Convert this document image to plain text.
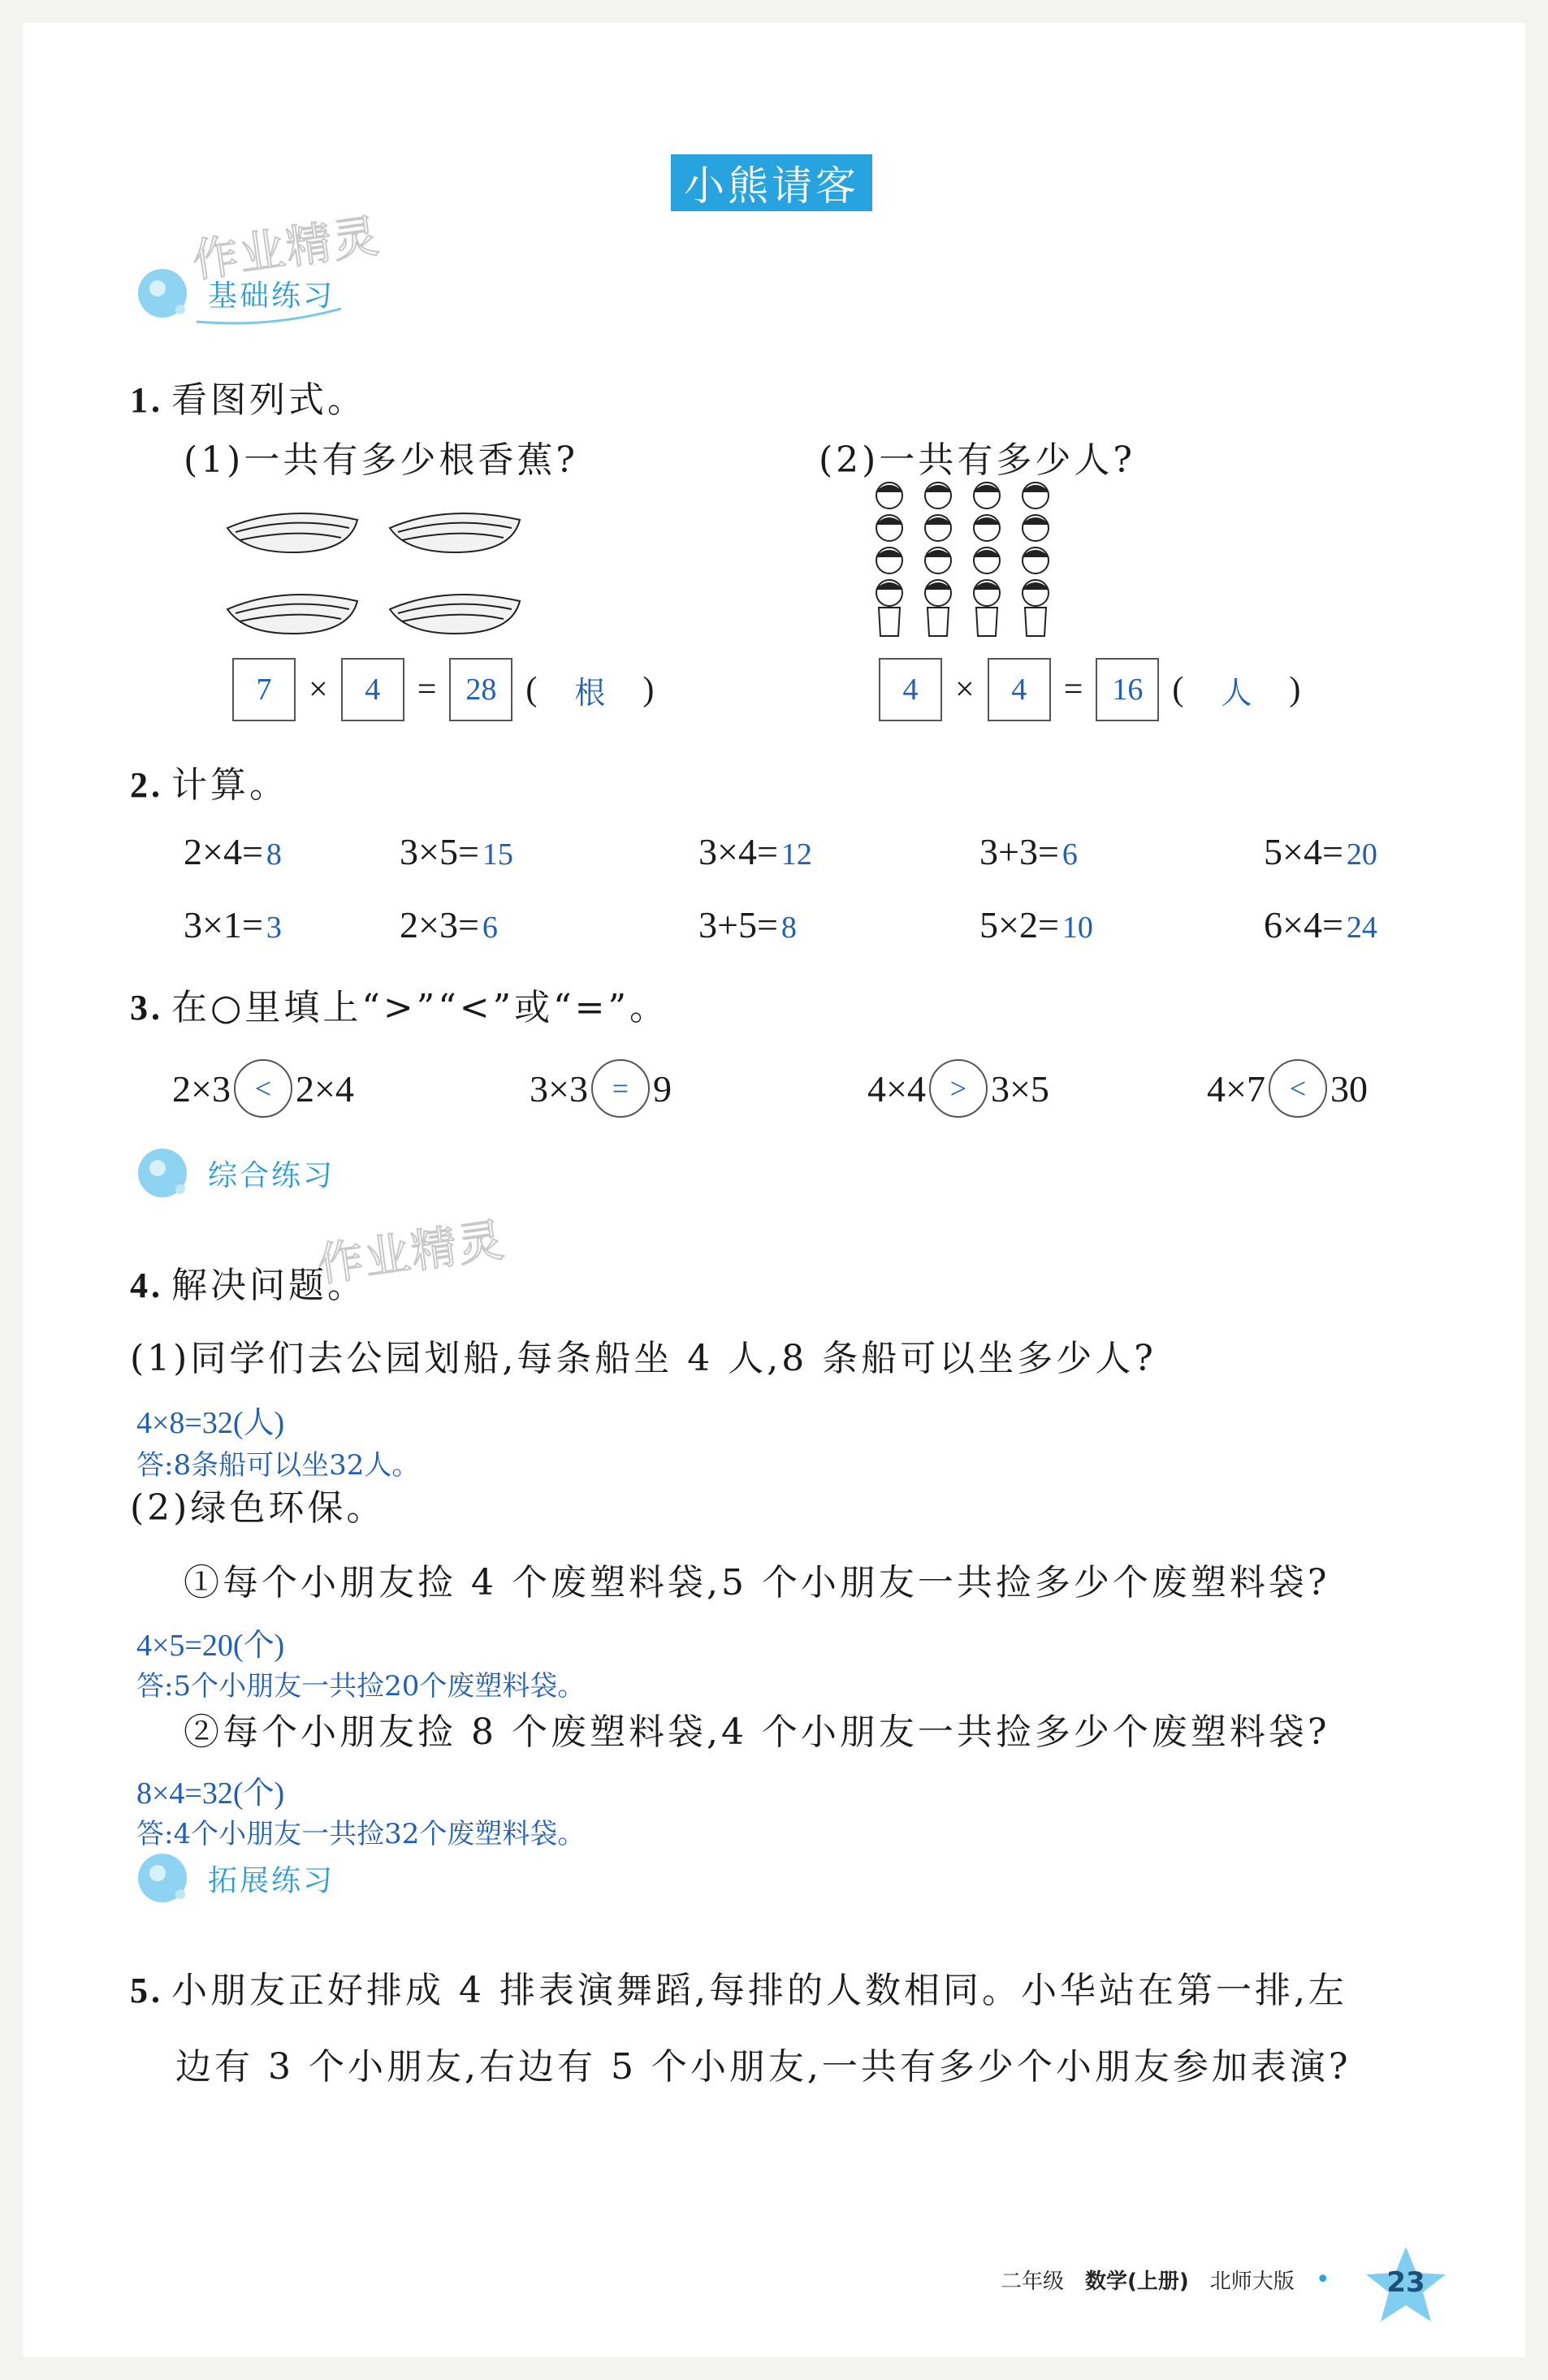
小熊请客
作业精灵
作业精灵
基础练习
1. 看图列式。
(1)一共有多少根香蕉?	(2)一共有多少人?
7	×	4	= 28 ( 根 )	4	×	4	= 16 ( 人 )
2. 计算。
2×4= 8	3×5= 15	3×4= 12	3+3= 6	5×4= 20
3×1= 3	2×3= 6	3+5= 8	5×2= 10	6×4= 24
3. 在○里填上“>”“<”或“=”。
2×3 < 2×4	3×3 = 9	4×4 > 3×5	4×7 < 30
综合练习
4. 解决问题。
(1)同学们去公园划船,每条船坐 4 人,8 条船可以坐多少人?
4×8=32(人)
答:8条船可以坐32人。
(2)绿色环保。
①每个小朋友捡 4 个废塑料袋,5 个小朋友一共捡多少个废塑料袋?
4×5=20(个)
答:5个小朋友一共捡20个废塑料袋。
②每个小朋友捡 8 个废塑料袋,4 个小朋友一共捡多少个废塑料袋?
8×4=32(个)
答:4个小朋友一共捡32个废塑料袋。
拓展练习
5. 小朋友正好排成 4 排表演舞蹈,每排的人数相同。小华站在第一排,左
边有 3 个小朋友,右边有 5 个小朋友,一共有多少个小朋友参加表演?
二年级 数学(上册) 北师大版 •	23
